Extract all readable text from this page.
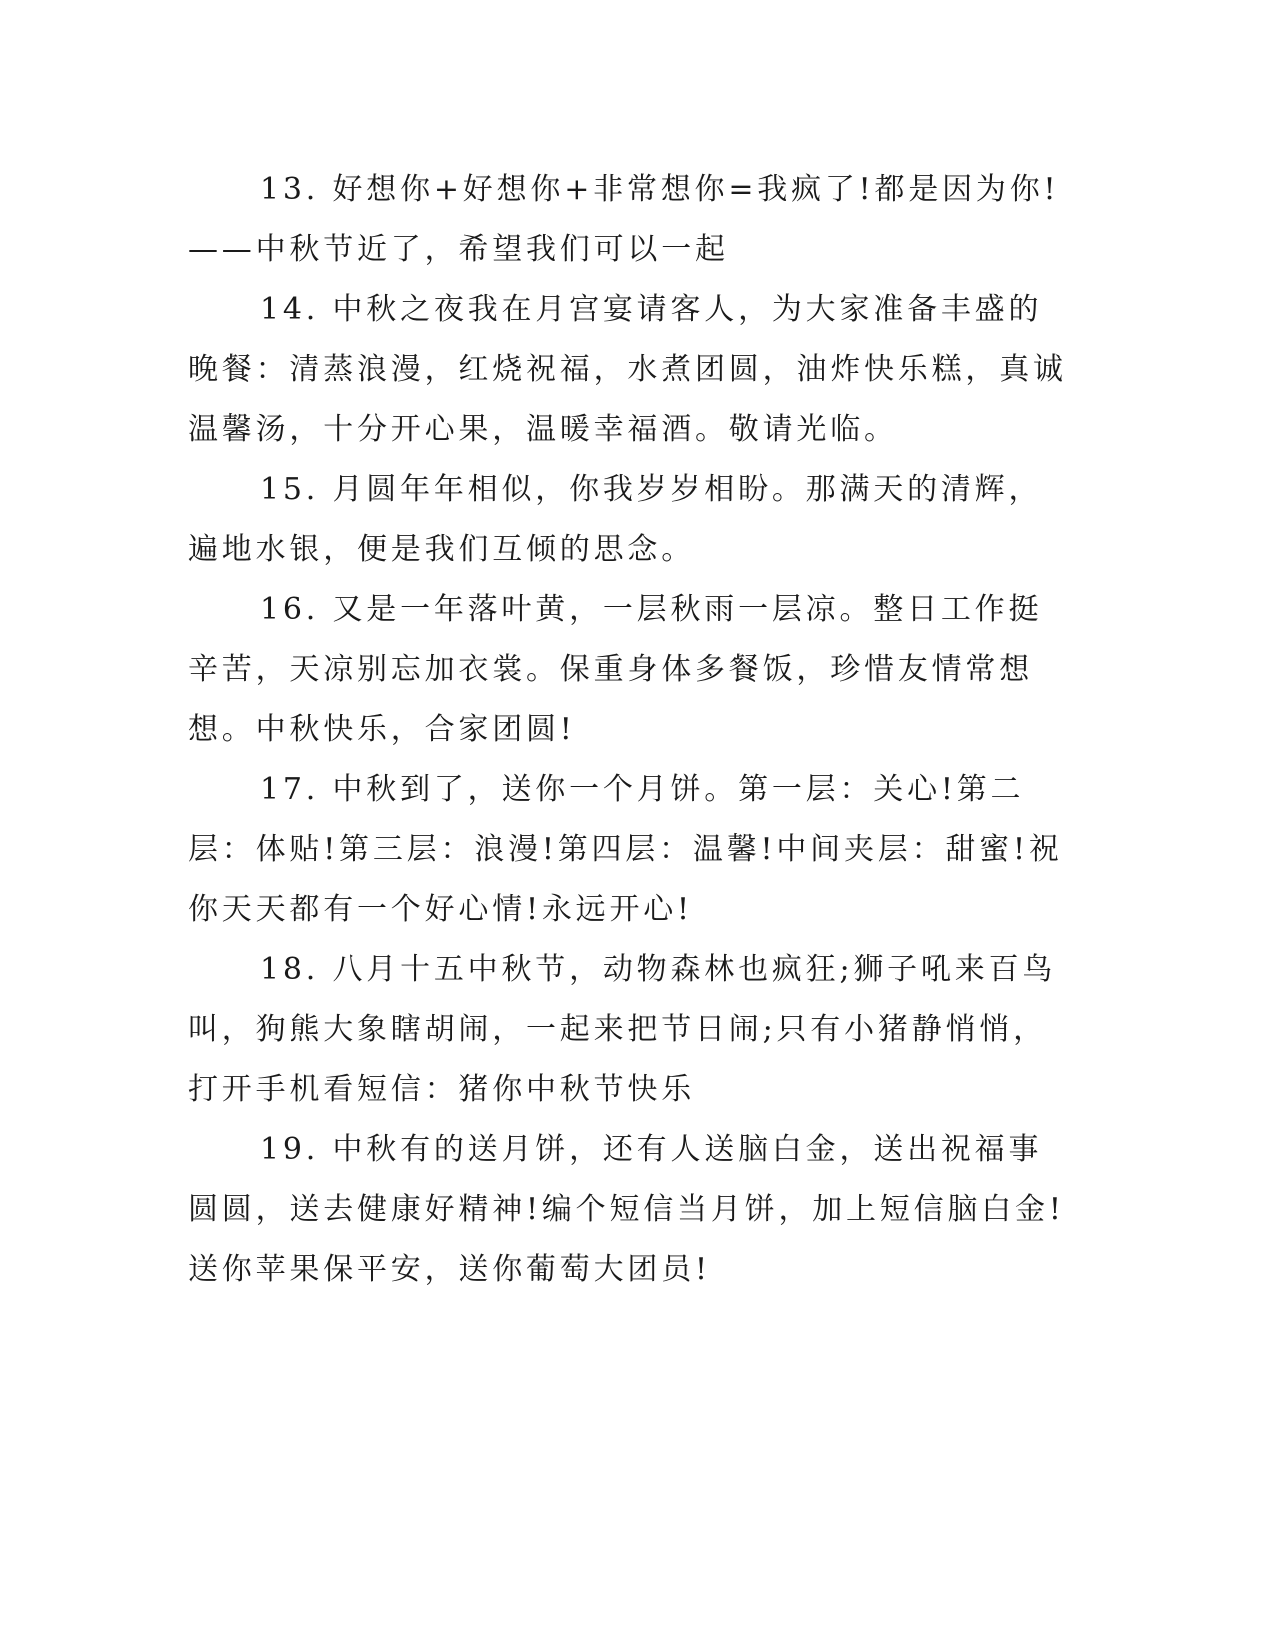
13. 好想你+好想你+非常想你=我疯了!都是因为你!——中秋节近了，希望我们可以一起

14. 中秋之夜我在月宫宴请客人，为大家准备丰盛的晚餐：清蒸浪漫，红烧祝福，水煮团圆，油炸快乐糕，真诚温馨汤，十分开心果，温暖幸福酒。敬请光临。

15. 月圆年年相似，你我岁岁相盼。那满天的清辉，遍地水银，便是我们互倾的思念。

16. 又是一年落叶黄，一层秋雨一层凉。整日工作挺辛苦，天凉别忘加衣裳。保重身体多餐饭，珍惜友情常想想。中秋快乐，合家团圆!

17. 中秋到了，送你一个月饼。第一层：关心!第二层：体贴!第三层：浪漫!第四层：温馨!中间夹层：甜蜜!祝你天天都有一个好心情!永远开心!

18. 八月十五中秋节，动物森林也疯狂;狮子吼来百鸟叫，狗熊大象瞎胡闹，一起来把节日闹;只有小猪静悄悄，打开手机看短信：猪你中秋节快乐

19. 中秋有的送月饼，还有人送脑白金，送出祝福事圆圆，送去健康好精神!编个短信当月饼，加上短信脑白金!送你苹果保平安，送你葡萄大团员!
